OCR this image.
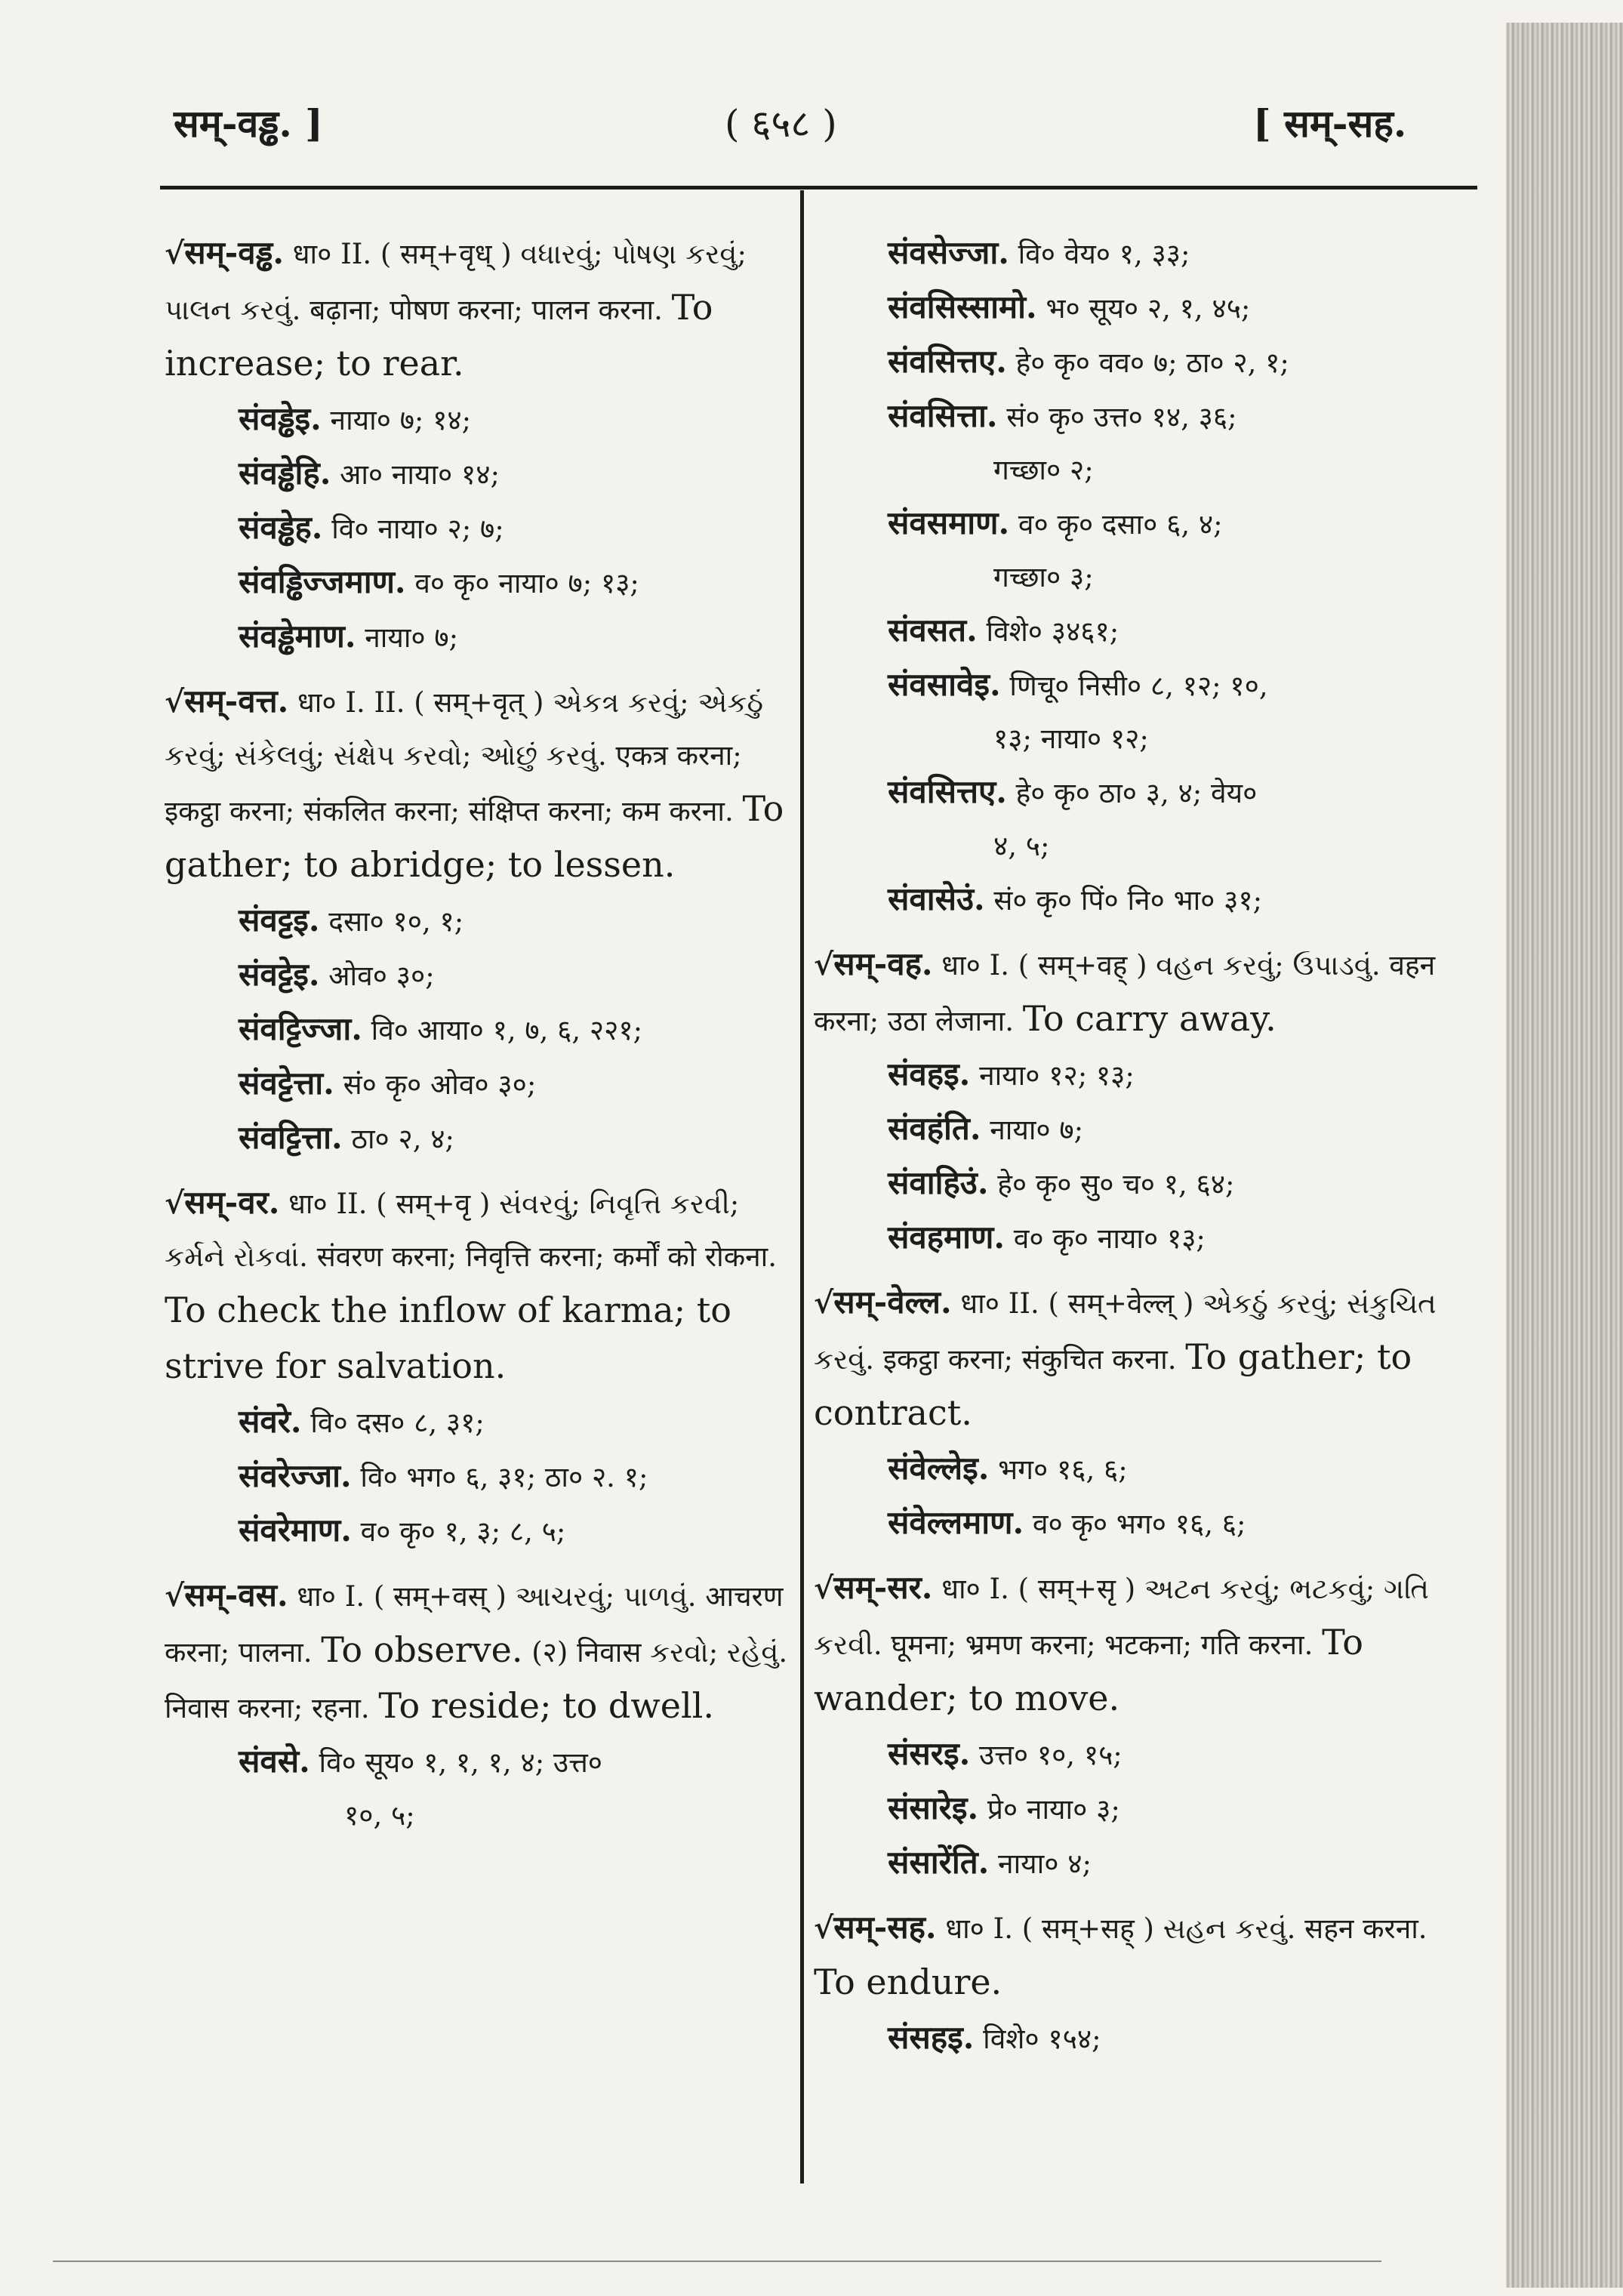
सम्-वड्ढ. ]	( ६५८ )	[ सम्-सह.
√सम्-वड्ढ. धा० II. ( सम्+वृध् ) વધારવું; પોષણ કરવું; પાલન કરવું. बढ़ाना; पोषण करना; पालन करना. To increase; to rear.
संवड्ढेइ. नाया० ७; १४;
संवड्ढेहि. आ० नाया० १४;
संवड्ढेह. वि० नाया० २; ७;
संवड्ढिज्जमाण. व० कृ० नाया० ७; १३;
संवड्ढेमाण. नाया० ७;
√सम्-वत्त. धा० I. II. ( सम्+वृत् ) એકત્ર કરવું; એકઠું કરવું; સંકેલવું; સંક્ષેપ કરવો; ઓછું કરવું. एकत्र करना; इकट्ठा करना; संकलित करना; संक्षिप्त करना; कम करना. To gather; to abridge; to lessen.
संवट्टइ. दसा० १०, १;
संवट्टेइ. ओव० ३०;
संवट्टिज्जा. वि० आया० १, ७, ६, २२१;
संवट्टेत्ता. सं० कृ० ओव० ३०;
संवट्टित्ता. ठा० २, ४;
√सम्-वर. धा० II. ( सम्+वृ ) સંવરવું; નિવૃત્તિ કરવી; કર્મને રોકવાં. संवरण करना; निवृत्ति करना; कर्मों को रोकना. To check the inflow of karma; to strive for salvation.
संवरे. वि० दस० ८, ३१;
संवरेज्जा. वि० भग० ६, ३१; ठा० २. १;
संवरेमाण. व० कृ० १, ३; ८, ५;
√सम्-वस. धा० I. ( सम्+वस् ) આચરવું; પાળવું. आचरण करना; पालना. To observe. (२) निवास કરવો; રહેવું. निवास करना; रहना. To reside; to dwell.
संवसे. वि० सूय० १, १, १, ४; उत्त०
१०, ५;
संवसेज्जा. वि० वेय० १, ३३;
संवसिस्सामो. भ० सूय० २, १, ४५;
संवसित्तए. हे० कृ० वव० ७; ठा० २, १;
संवसित्ता. सं० कृ० उत्त० १४, ३६;
गच्छा० २;
संवसमाण. व० कृ० दसा० ६, ४;
गच्छा० ३;
संवसत. विशे० ३४६१;
संवसावेइ. णिचू० निसी० ८, १२; १०,
१३; नाया० १२;
संवसित्तए. हे० कृ० ठा० ३, ४; वेय०
४, ५;
संवासेउं. सं० कृ० पिं० नि० भा० ३१;
√सम्-वह. धा० I. ( सम्+वह् ) વહન કરવું; ઉપાડવું. वहन करना; उठा लेजाना. To carry away.
संवहइ. नाया० १२; १३;
संवहंति. नाया० ७;
संवाहिउं. हे० कृ० सु० च० १, ६४;
संवहमाण. व० कृ० नाया० १३;
√सम्-वेल्ल. धा० II. ( सम्+वेल्ल् ) એકઠું કરવું; સંકુચિત કરવું. इकट्ठा करना; संकुचित करना. To gather; to contract.
संवेल्लेइ. भग० १६, ६;
संवेल्लमाण. व० कृ० भग० १६, ६;
√सम्-सर. धा० I. ( सम्+सृ ) અટન કરવું; ભટકવું; ગતિ કરવી. घूमना; भ्रमण करना; भटकना; गति करना. To wander; to move.
संसरइ. उत्त० १०, १५;
संसारेइ. प्रे० नाया० ३;
संसारेंति. नाया० ४;
√सम्-सह. धा० I. ( सम्+सह् ) સહન કરવું. सहन करना. To endure.
संसहइ. विशे० १५४;
